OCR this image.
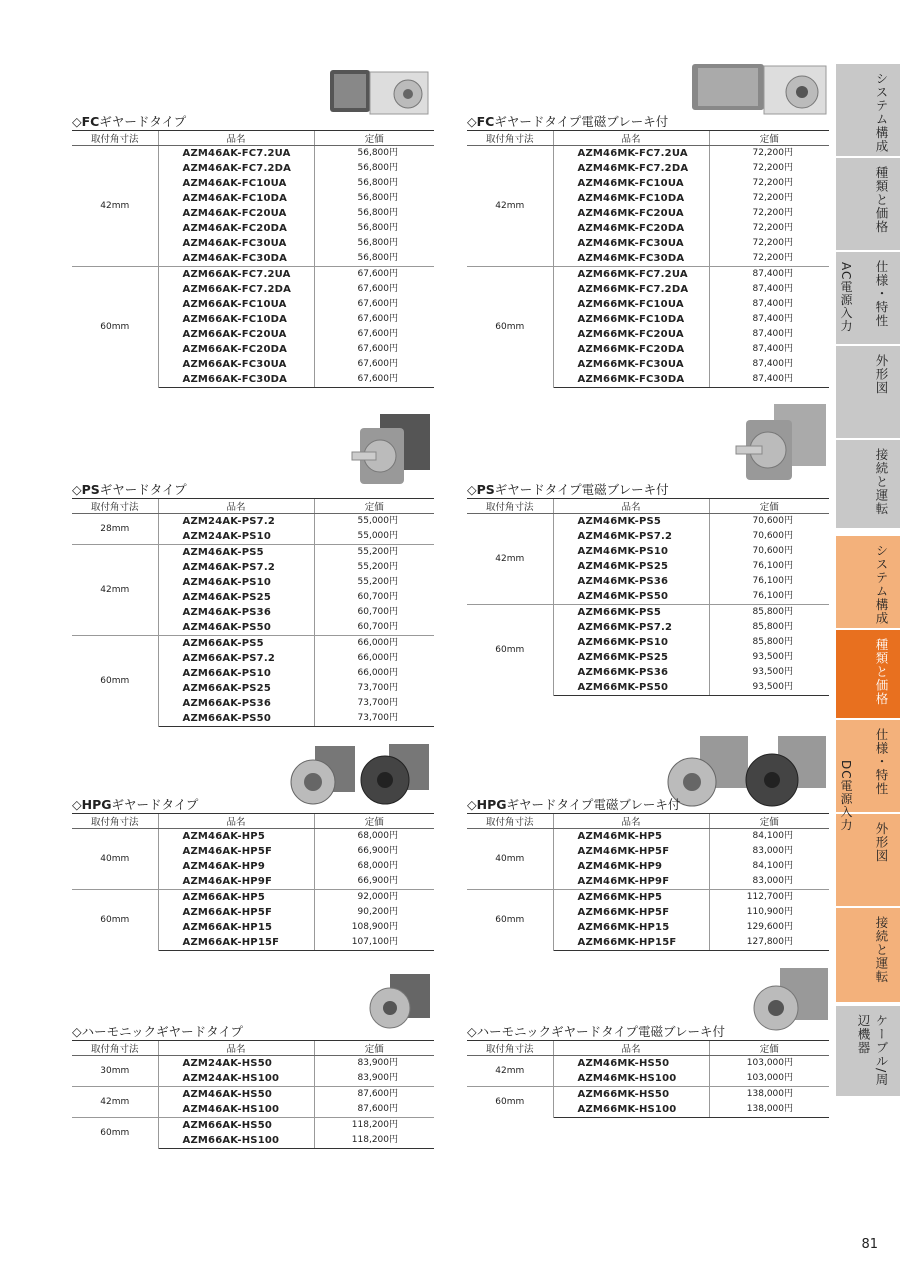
◇FCギヤードタイプ
取付角寸法	品名	定価
42mm	AZM46AK-FC7.2UA	56,800円
	AZM46AK-FC7.2DA	56,800円
	AZM46AK-FC10UA	56,800円
	AZM46AK-FC10DA	56,800円
	AZM46AK-FC20UA	56,800円
	AZM46AK-FC20DA	56,800円
	AZM46AK-FC30UA	56,800円
	AZM46AK-FC30DA	56,800円
60mm	AZM66AK-FC7.2UA	67,600円
	AZM66AK-FC7.2DA	67,600円
	AZM66AK-FC10UA	67,600円
	AZM66AK-FC10DA	67,600円
	AZM66AK-FC20UA	67,600円
	AZM66AK-FC20DA	67,600円
	AZM66AK-FC30UA	67,600円
	AZM66AK-FC30DA	67,600円
◇FCギヤードタイプ電磁ブレーキ付
取付角寸法	品名	定価
42mm	AZM46MK-FC7.2UA	72,200円
	AZM46MK-FC7.2DA	72,200円
	AZM46MK-FC10UA	72,200円
	AZM46MK-FC10DA	72,200円
	AZM46MK-FC20UA	72,200円
	AZM46MK-FC20DA	72,200円
	AZM46MK-FC30UA	72,200円
	AZM46MK-FC30DA	72,200円
60mm	AZM66MK-FC7.2UA	87,400円
	AZM66MK-FC7.2DA	87,400円
	AZM66MK-FC10UA	87,400円
	AZM66MK-FC10DA	87,400円
	AZM66MK-FC20UA	87,400円
	AZM66MK-FC20DA	87,400円
	AZM66MK-FC30UA	87,400円
	AZM66MK-FC30DA	87,400円
◇PSギヤードタイプ
取付角寸法	品名	定価
28mm	AZM24AK-PS7.2	55,000円
	AZM24AK-PS10	55,000円
42mm	AZM46AK-PS5	55,200円
	AZM46AK-PS7.2	55,200円
	AZM46AK-PS10	55,200円
	AZM46AK-PS25	60,700円
	AZM46AK-PS36	60,700円
	AZM46AK-PS50	60,700円
60mm	AZM66AK-PS5	66,000円
	AZM66AK-PS7.2	66,000円
	AZM66AK-PS10	66,000円
	AZM66AK-PS25	73,700円
	AZM66AK-PS36	73,700円
	AZM66AK-PS50	73,700円
◇PSギヤードタイプ電磁ブレーキ付
取付角寸法	品名	定価
42mm	AZM46MK-PS5	70,600円
	AZM46MK-PS7.2	70,600円
	AZM46MK-PS10	70,600円
	AZM46MK-PS25	76,100円
	AZM46MK-PS36	76,100円
	AZM46MK-PS50	76,100円
60mm	AZM66MK-PS5	85,800円
	AZM66MK-PS7.2	85,800円
	AZM66MK-PS10	85,800円
	AZM66MK-PS25	93,500円
	AZM66MK-PS36	93,500円
	AZM66MK-PS50	93,500円
◇HPGギヤードタイプ
取付角寸法	品名	定価
40mm	AZM46AK-HP5	68,000円
	AZM46AK-HP5F	66,900円
	AZM46AK-HP9	68,000円
	AZM46AK-HP9F	66,900円
60mm	AZM66AK-HP5	92,000円
	AZM66AK-HP5F	90,200円
	AZM66AK-HP15	108,900円
	AZM66AK-HP15F	107,100円
◇HPGギヤードタイプ電磁ブレーキ付
取付角寸法	品名	定価
40mm	AZM46MK-HP5	84,100円
	AZM46MK-HP5F	83,000円
	AZM46MK-HP9	84,100円
	AZM46MK-HP9F	83,000円
60mm	AZM66MK-HP5	112,700円
	AZM66MK-HP5F	110,900円
	AZM66MK-HP15	129,600円
	AZM66MK-HP15F	127,800円
◇ハーモニックギヤードタイプ
取付角寸法	品名	定価
30mm	AZM24AK-HS50	83,900円
	AZM24AK-HS100	83,900円
42mm	AZM46AK-HS50	87,600円
	AZM46AK-HS100	87,600円
60mm	AZM66AK-HS50	118,200円
	AZM66AK-HS100	118,200円
◇ハーモニックギヤードタイプ電磁ブレーキ付
取付角寸法	品名	定価
42mm	AZM46MK-HS50	103,000円
	AZM46MK-HS100	103,000円
60mm	AZM66MK-HS50	138,000円
	AZM66MK-HS100	138,000円
システム構成
種類と価格
仕様・特性
外形図
接続と運転
システム構成
種類と価格
仕様・特性
外形図
接続と運転
ケーブル/周辺機器
AC電源入力
DC電源入力
81
